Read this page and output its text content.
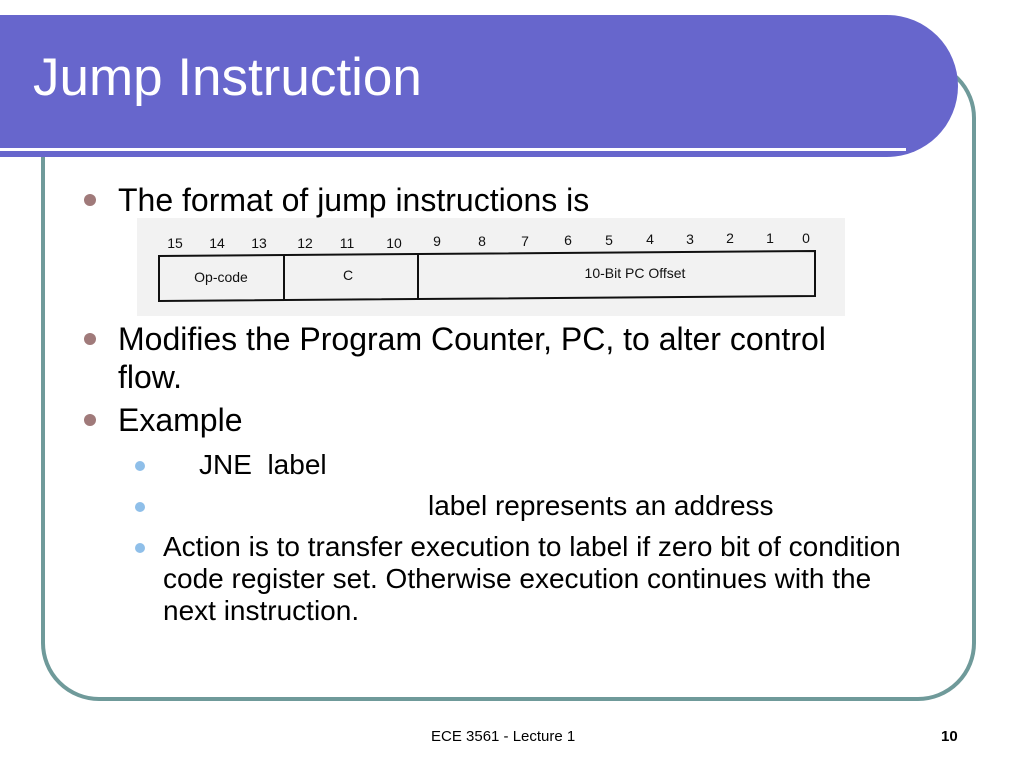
Jump Instruction
The format of jump instructions is
15 14 13 12 11 10 9	8	7	6 5 4 3 2 1 0
Op-code	C	10-Bit PC Offset
Modifies the Program Counter, PC, to alter control flow.
Example
JNE  label
label represents an address
Action is to transfer execution to label if zero bit of condition code register set. Otherwise execution continues with the next instruction.
ECE 3561 - Lecture 1	10
